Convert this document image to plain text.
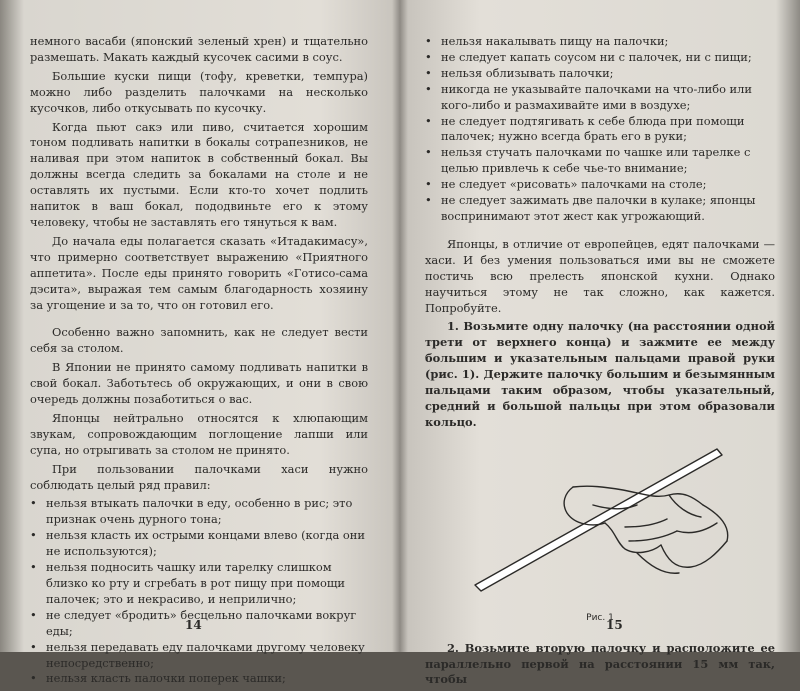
немного васаби (японский зеленый хрен) и тщательно размешать. Макать каждый кусочек сасими в соус.

Большие куски пищи (тофу, креветки, темпура) можно либо разделить палочками на несколько кусочков, либо откусывать по кусочку.

Когда пьют сакэ или пиво, считается хорошим тоном подливать напитки в бокалы сотрапезников, не наливая при этом напиток в собственный бокал. Вы должны всегда следить за бокалами на столе и не оставлять их пустыми. Если кто-то хочет подлить напиток в ваш бокал, пододвиньте его к этому человеку, чтобы не заставлять его тянуться к вам.

До начала еды полагается сказать «Итадакимасу», что примерно соответствует выражению «Приятного аппетита». После еды принято говорить «Готисо-сама дэсита», выражая тем самым благодарность хозяину за угощение и за то, что он готовил его.

Особенно важно запомнить, как не следует вести себя за столом.

В Японии не принято самому подливать напитки в свой бокал. Заботьтесь об окружающих, и они в свою очередь должны позаботиться о вас.

Японцы нейтрально относятся к хлюпающим звукам, сопровождающим поглощение лапши или супа, но отрыгивать за столом не принято.

При пользовании палочками хаси нужно соблюдать целый ряд правил:

• нельзя втыкать палочки в еду, особенно в рис; это признак очень дурного тона;
• нельзя класть их острыми концами влево (когда они не используются);
• нельзя подносить чашку или тарелку слишком близко ко рту и сгребать в рот пищу при помощи палочек; это и некрасиво, и неприлично;
• не следует «бродить» бесцельно палочками вокруг еды;
• нельзя передавать еду палочками другому человеку непосредственно;
• нельзя класть палочки поперек чашки;
14
• нельзя накалывать пищу на палочки;
• не следует капать соусом ни с палочек, ни с пищи;
• нельзя облизывать палочки;
• никогда не указывайте палочками на что-либо или кого-либо и размахивайте ими в воздухе;
• не следует подтягивать к себе блюда при помощи палочек; нужно всегда брать его в руки;
• нельзя стучать палочками по чашке или тарелке с целью привлечь к себе чье-то внимание;
• не следует «рисовать» палочками на столе;
• не следует зажимать две палочки в кулаке; японцы воспринимают этот жест как угрожающий.

Японцы, в отличие от европейцев, едят палочками — хаси. И без умения пользоваться ими вы не сможете постичь всю прелесть японской кухни. Однако научиться этому не так сложно, как кажется. Попробуйте.

1. Возьмите одну палочку (на расстоянии одной трети от верхнего конца) и зажмите ее между большим и указательным пальцами правой руки (рис. 1). Держите палочку большим и безымянным пальцами таким образом, чтобы указательный, средний и большой пальцы при этом образовали кольцо.

Рис. 1

2. Возьмите вторую палочку и расположите ее параллельно первой на расстоянии 15 мм так, чтобы

15
